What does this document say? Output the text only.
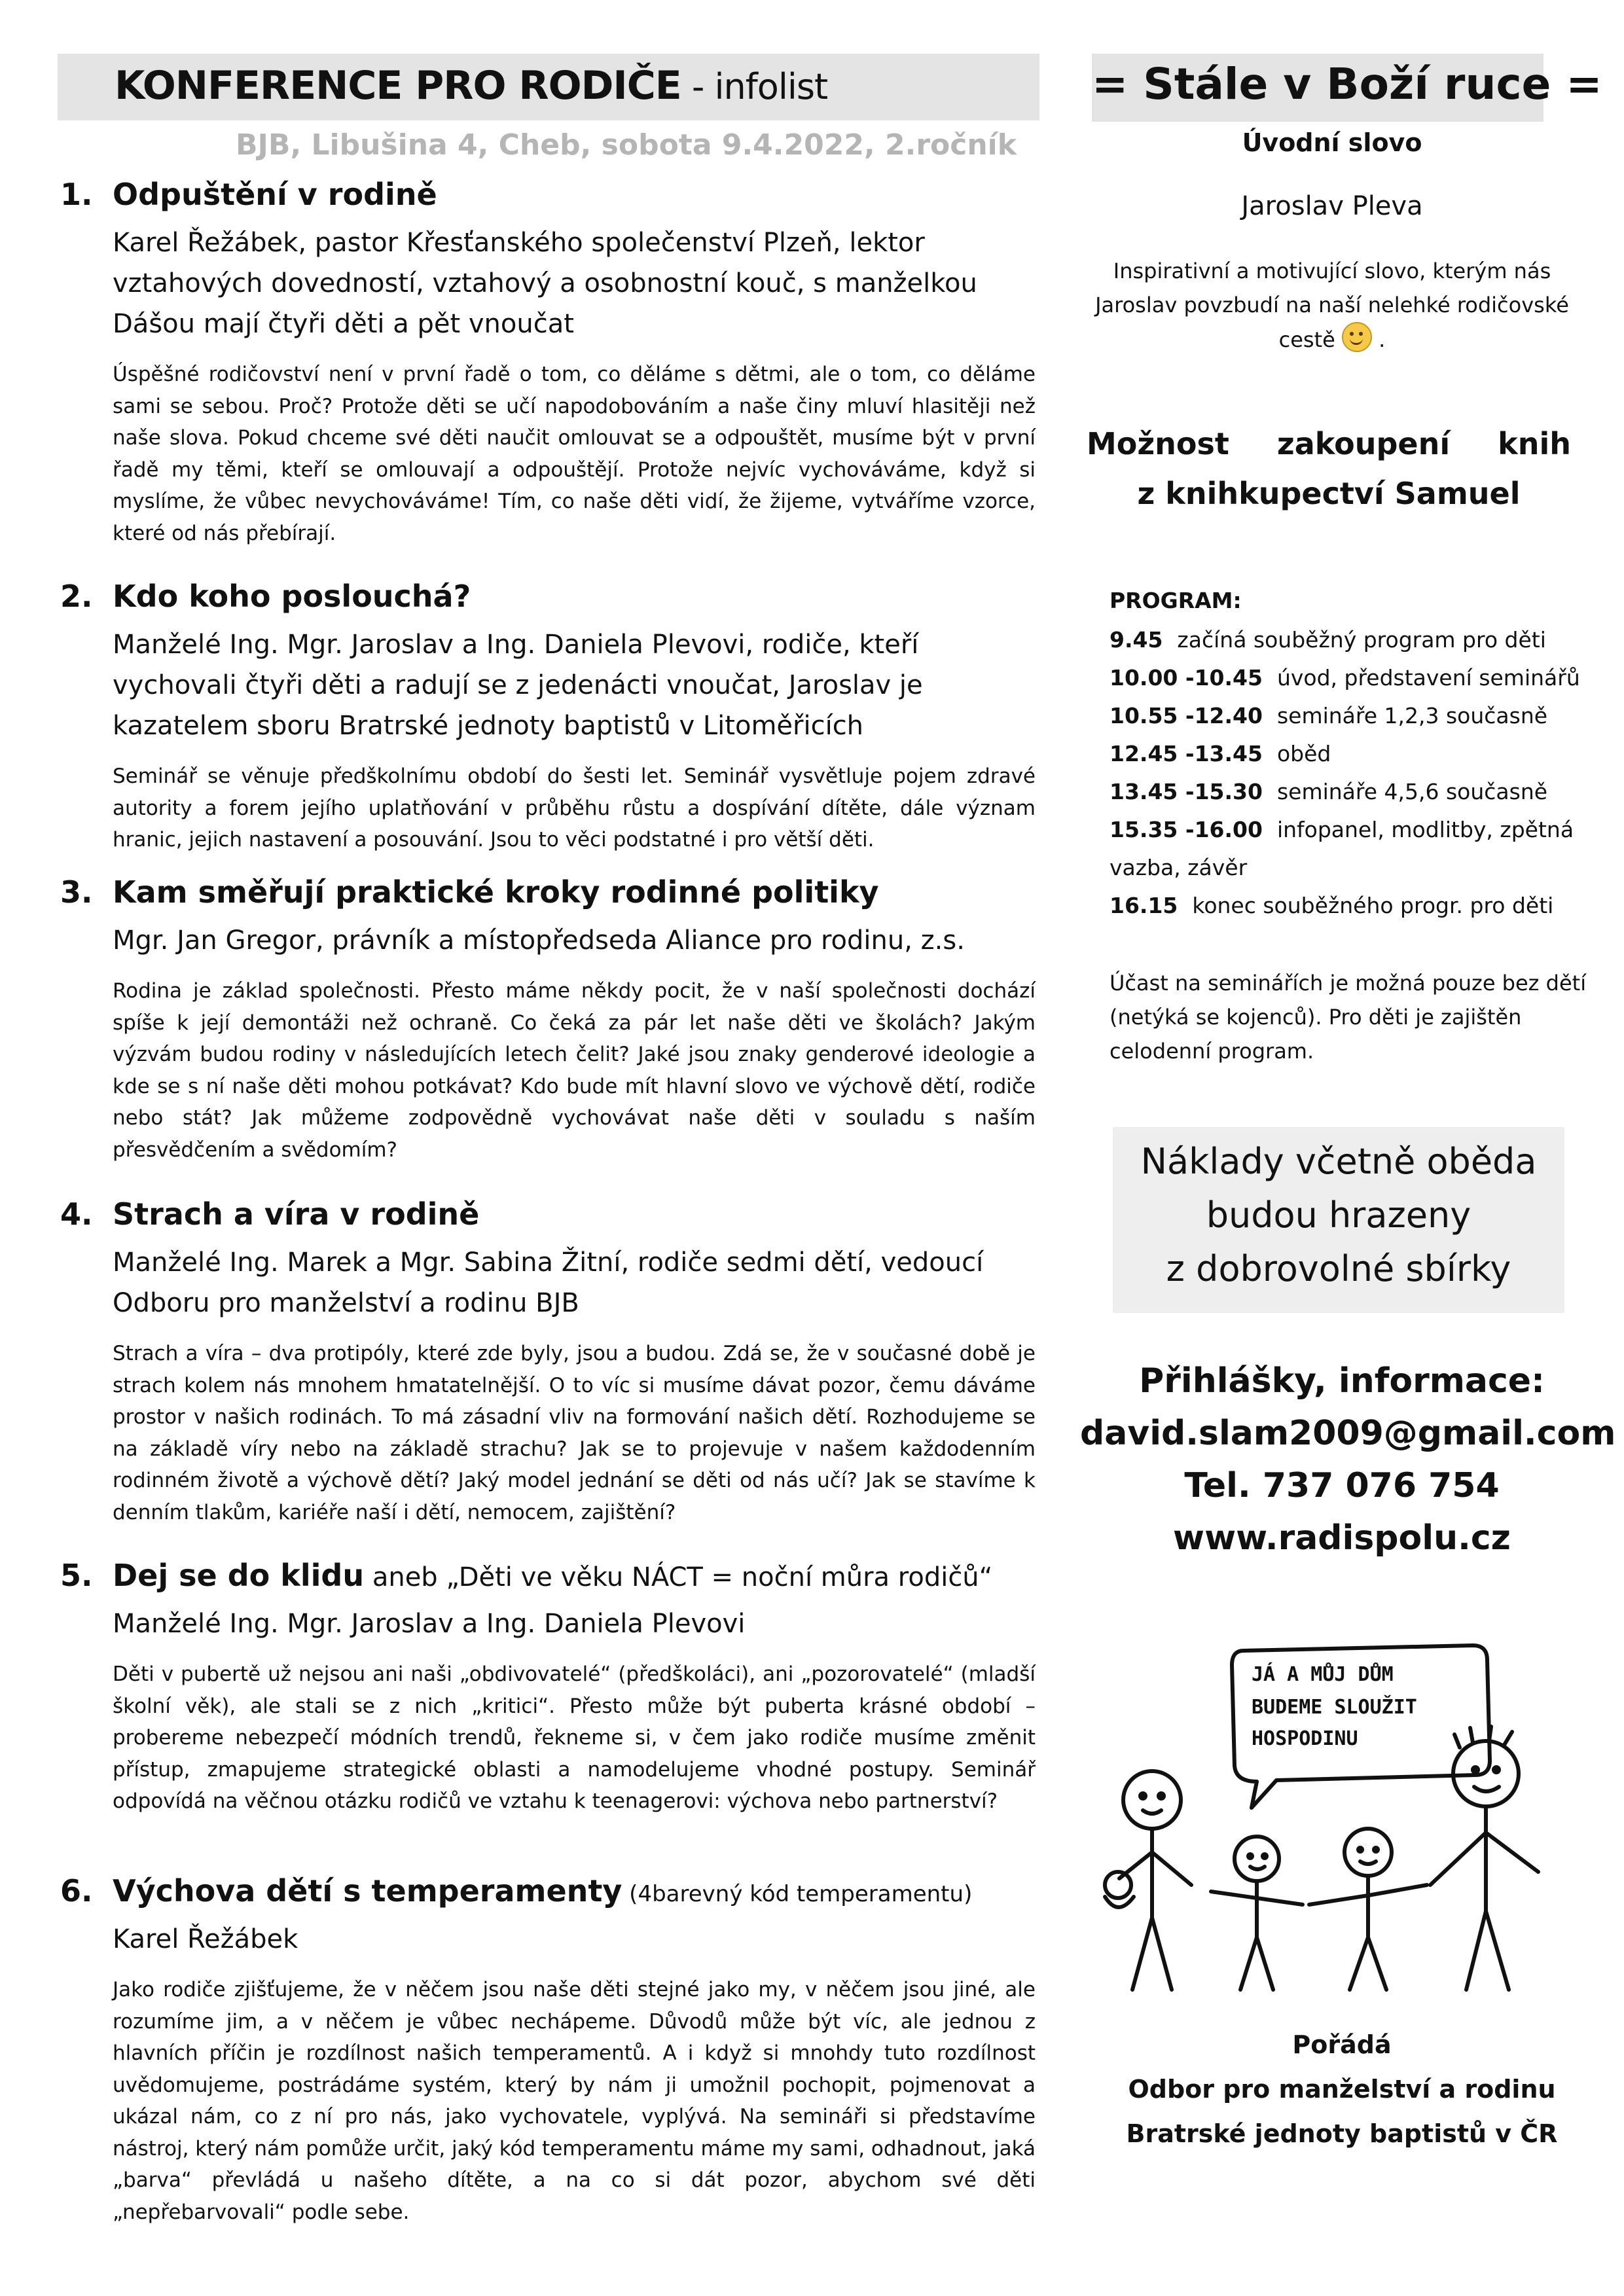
KONFERENCE PRO RODIČE - infolist
BJB, Libušina 4, Cheb, sobota 9.4.2022, 2.ročník
1. Odpuštění v rodině
Karel Řežábek, pastor Křesťanského společenství Plzeň, lektor vztahových dovedností, vztahový a osobnostní kouč, s manželkou Dášou mají čtyři děti a pět vnoučat
Úspěšné rodičovství není v první řadě o tom, co děláme s dětmi, ale o tom, co děláme sami se sebou. Proč? Protože děti se učí napodobováním a naše činy mluví hlasitěji než naše slova. Pokud chceme své děti naučit omlouvat se a odpouštět, musíme být v první řadě my těmi, kteří se omlouvají a odpouštějí. Protože nejvíc vychováváme, když si myslíme, že vůbec nevychováváme! Tím, co naše děti vidí, že žijeme, vytváříme vzorce, které od nás přebírají.
2. Kdo koho poslouchá?
Manželé Ing. Mgr. Jaroslav a Ing. Daniela Plevovi, rodiče, kteří vychovali čtyři děti a radují se z jedenácti vnoučat, Jaroslav je kazatelem sboru Bratrské jednoty baptistů v Litoměřicích
Seminář se věnuje předškolnímu období do šesti let. Seminář vysvětluje pojem zdravé autority a forem jejího uplatňování v průběhu růstu a dospívání dítěte, dále význam hranic, jejich nastavení a posouvání. Jsou to věci podstatné i pro větší děti.
3. Kam směřují praktické kroky rodinné politiky
Mgr. Jan Gregor, právník a místopředseda Aliance pro rodinu, z.s.
Rodina je základ společnosti. Přesto máme někdy pocit, že v naší společnosti dochází spíše k její demontáži než ochraně. Co čeká za pár let naše děti ve školách? Jakým výzvám budou rodiny v následujících letech čelit? Jaké jsou znaky genderové ideologie a kde se s ní naše děti mohou potkávat? Kdo bude mít hlavní slovo ve výchově dětí, rodiče nebo stát? Jak můžeme zodpovědně vychovávat naše děti v souladu s naším přesvědčením a svědomím?
4. Strach a víra v rodině
Manželé Ing. Marek a Mgr. Sabina Žitní, rodiče sedmi dětí, vedoucí Odboru pro manželství a rodinu BJB
Strach a víra – dva protipóly, které zde byly, jsou a budou. Zdá se, že v současné době je strach kolem nás mnohem hmatatelnější. O to víc si musíme dávat pozor, čemu dáváme prostor v našich rodinách. To má zásadní vliv na formování našich dětí. Rozhodujeme se na základě víry nebo na základě strachu? Jak se to projevuje v našem každodenním rodinném životě a výchově dětí? Jaký model jednání se děti od nás učí? Jak se stavíme k denním tlakům, kariéře naší i dětí, nemocem, zajištění?
5. Dej se do klidu aneb „Děti ve věku NÁCT = noční můra rodičů“
Manželé Ing. Mgr. Jaroslav a Ing. Daniela Plevovi
Děti v pubertě už nejsou ani naši „obdivovatelé“ (předškoláci), ani „pozorovatelé“ (mladší školní věk), ale stali se z nich „kritici“. Přesto může být puberta krásné období – probereme nebezpečí módních trendů, řekneme si, v čem jako rodiče musíme změnit přístup, zmapujeme strategické oblasti a namodelujeme vhodné postupy. Seminář odpovídá na věčnou otázku rodičů ve vztahu k teenagerovi: výchova nebo partnerství?
6. Výchova dětí s temperamenty (4barevný kód temperamentu)
Karel Řežábek
Jako rodiče zjišťujeme, že v něčem jsou naše děti stejné jako my, v něčem jsou jiné, ale rozumíme jim, a v něčem je vůbec nechápeme. Důvodů může být víc, ale jednou z hlavních příčin je rozdílnost našich temperamentů. A i když si mnohdy tuto rozdílnost uvědomujeme, postrádáme systém, který by nám ji umožnil pochopit, pojmenovat a ukázal nám, co z ní pro nás, jako vychovatele, vyplývá. Na semináři si představíme nástroj, který nám pomůže určit, jaký kód temperamentu máme my sami, odhadnout, jaká „barva“ převládá u našeho dítěte, a na co si dát pozor, abychom své děti „nepřebarvovali“ podle sebe.
= Stále v Boží ruce =
Úvodní slovo
Jaroslav Pleva
Inspirativní a motivující slovo, kterým nás Jaroslav povzbudí na naší nelehké rodičovské cestě  .
Možnost zakoupení knih
z knihkupectví Samuel
PROGRAM:
9.45 začíná souběžný program pro děti
10.00 -10.45 úvod, představení seminářů
10.55 -12.40 semináře 1,2,3 současně
12.45 -13.45 oběd
13.45 -15.30 semináře 4,5,6 současně
15.35 -16.00 infopanel, modlitby, zpětná
vazba, závěr
16.15 konec souběžného progr. pro děti
Účast na seminářích je možná pouze bez dětí (netýká se kojenců). Pro děti je zajištěn celodenní program.
Náklady včetně oběda
budou hrazeny
z dobrovolné sbírky
Přihlášky, informace:
david.slam2009@gmail.com
Tel. 737 076 754
www.radispolu.cz
JÁ A MŮJ DŮM
BUDEME SLOUŽIT
HOSPODINU
Pořádá
Odbor pro manželství a rodinu
Bratrské jednoty baptistů v ČR
